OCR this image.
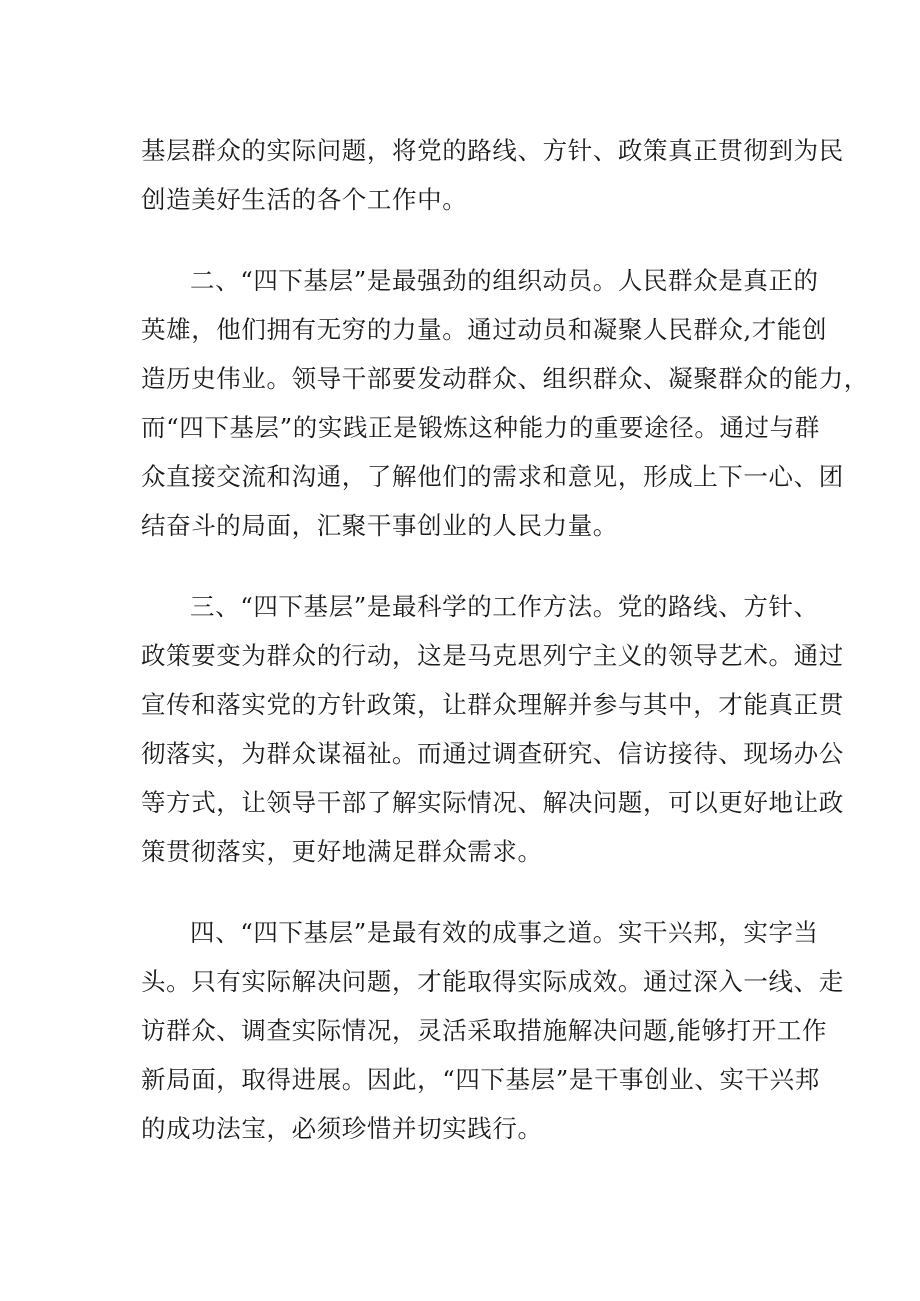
基层群众的实际问题，将党的路线、方针、政策真正贯彻到为民
创造美好生活的各个工作中。
二、“四下基层”是最强劲的组织动员。人民群众是真正的
英雄，他们拥有无穷的力量。通过动员和凝聚人民群众,才能创
造历史伟业。领导干部要发动群众、组织群众、凝聚群众的能力，
而“四下基层”的实践正是锻炼这种能力的重要途径。通过与群
众直接交流和沟通，了解他们的需求和意见，形成上下一心、团
结奋斗的局面，汇聚干事创业的人民力量。
三、“四下基层”是最科学的工作方法。党的路线、方针、
政策要变为群众的行动，这是马克思列宁主义的领导艺术。通过
宣传和落实党的方针政策，让群众理解并参与其中，才能真正贯
彻落实，为群众谋福祉。而通过调查研究、信访接待、现场办公
等方式，让领导干部了解实际情况、解决问题，可以更好地让政
策贯彻落实，更好地满足群众需求。
四、“四下基层”是最有效的成事之道。实干兴邦，实字当
头。只有实际解决问题，才能取得实际成效。通过深入一线、走
访群众、调查实际情况，灵活采取措施解决问题,能够打开工作
新局面，取得进展。因此，“四下基层”是干事创业、实干兴邦
的成功法宝，必须珍惜并切实践行。
